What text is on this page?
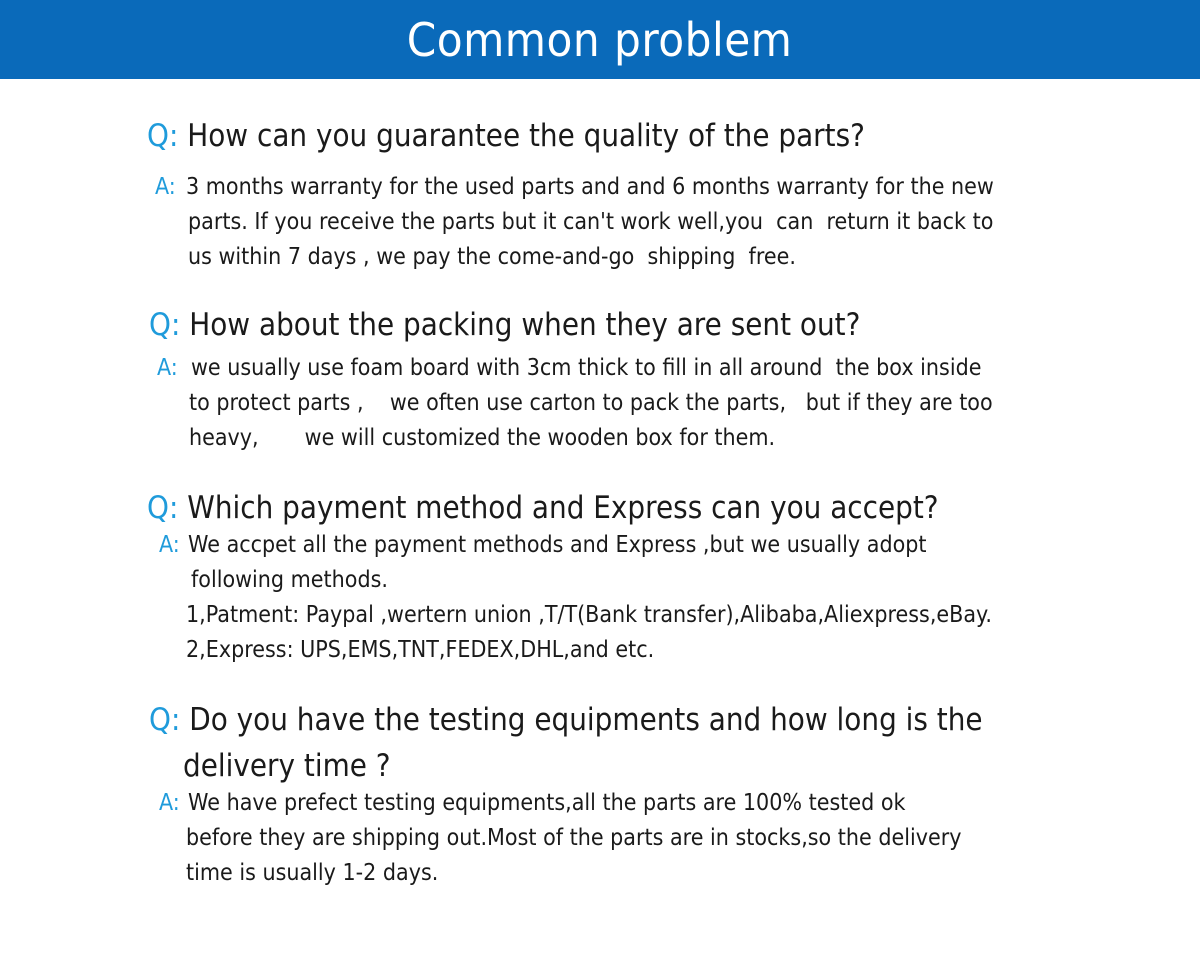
Common problem
Q: How can you guarantee the quality of the parts?
A: 3 months warranty for the used parts and and 6 months warranty for the new
parts. If you receive the parts but it can't work well,you  can  return it back to
us within 7 days , we pay the come-and-go  shipping  free.
Q: How about the packing when they are sent out?
A: we usually use foam board with 3cm thick to fill in all around  the box inside
to protect parts ,    we often use carton to pack the parts,   but if they are too
heavy,       we will customized the wooden box for them.
Q: Which payment method and Express can you accept?
A: We accpet all the payment methods and Express ,but we usually adopt
following methods.
1,Patment: Paypal ,wertern union ,T/T(Bank transfer),Alibaba,Aliexpress,eBay.
2,Express: UPS,EMS,TNT,FEDEX,DHL,and etc.
Q: Do you have the testing equipments and how long is the
delivery time ?
A: We have prefect testing equipments,all the parts are 100% tested ok
before they are shipping out.Most of the parts are in stocks,so the delivery
time is usually 1-2 days.
